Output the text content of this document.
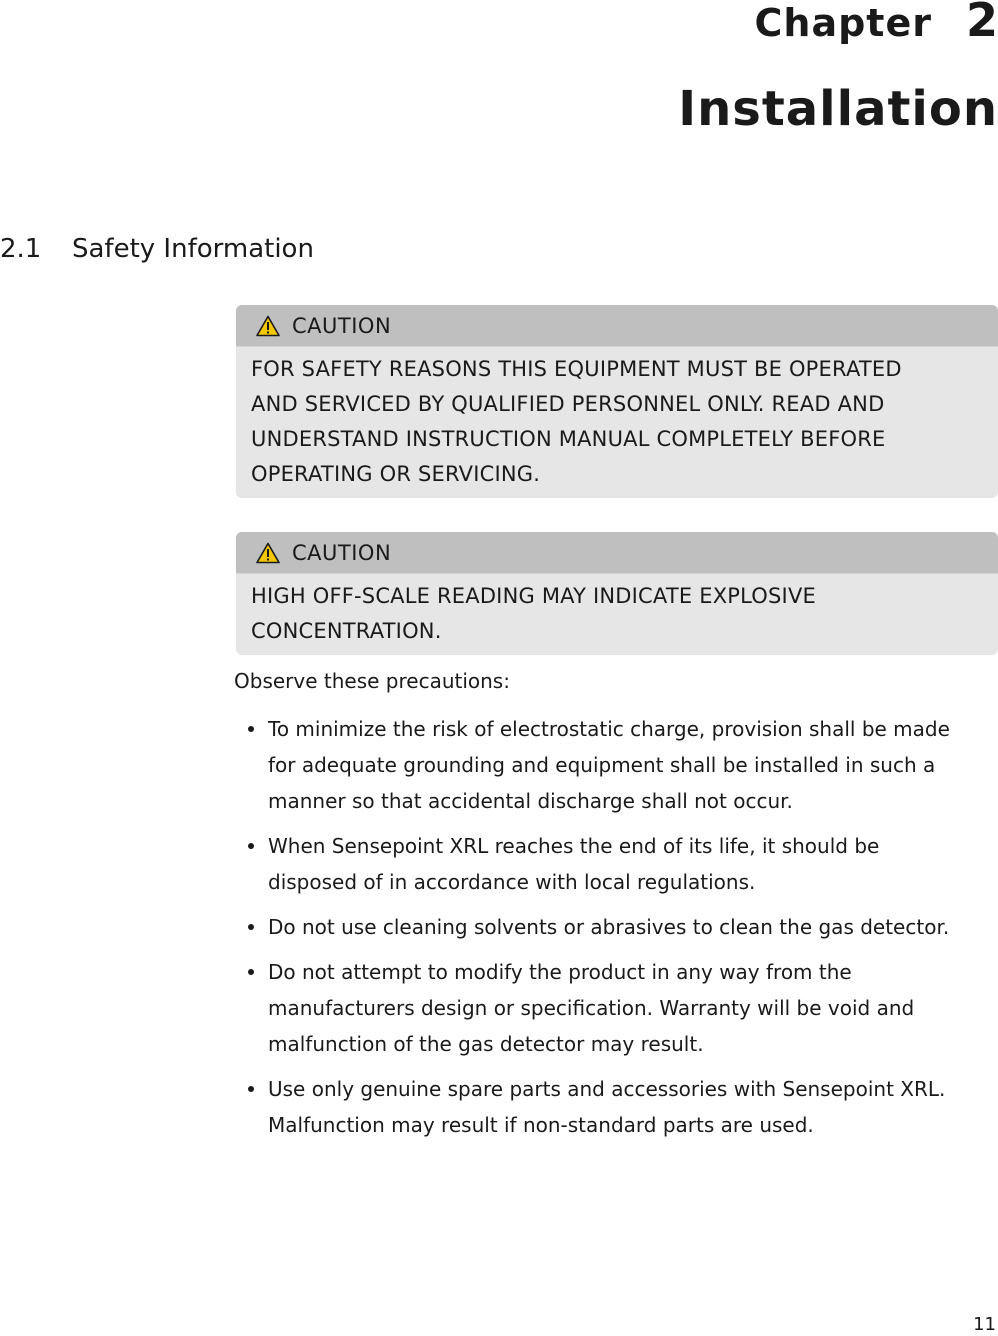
Chapter 2
Installation
2.1	Safety Information
CAUTION
FOR SAFETY REASONS THIS EQUIPMENT MUST BE OPERATED
AND SERVICED BY QUALIFIED PERSONNEL ONLY. READ AND
UNDERSTAND INSTRUCTION MANUAL COMPLETELY BEFORE
OPERATING OR SERVICING.
CAUTION
HIGH OFF-SCALE READING MAY INDICATE EXPLOSIVE
CONCENTRATION.
Observe these precautions:
To minimize the risk of electrostatic charge, provision shall be made
for adequate grounding and equipment shall be installed in such a
manner so that accidental discharge shall not occur.
When Sensepoint XRL reaches the end of its life, it should be
disposed of in accordance with local regulations.
Do not use cleaning solvents or abrasives to clean the gas detector.
Do not attempt to modify the product in any way from the
manufacturers design or specification. Warranty will be void and
malfunction of the gas detector may result.
Use only genuine spare parts and accessories with Sensepoint XRL.
Malfunction may result if non-standard parts are used.
11
